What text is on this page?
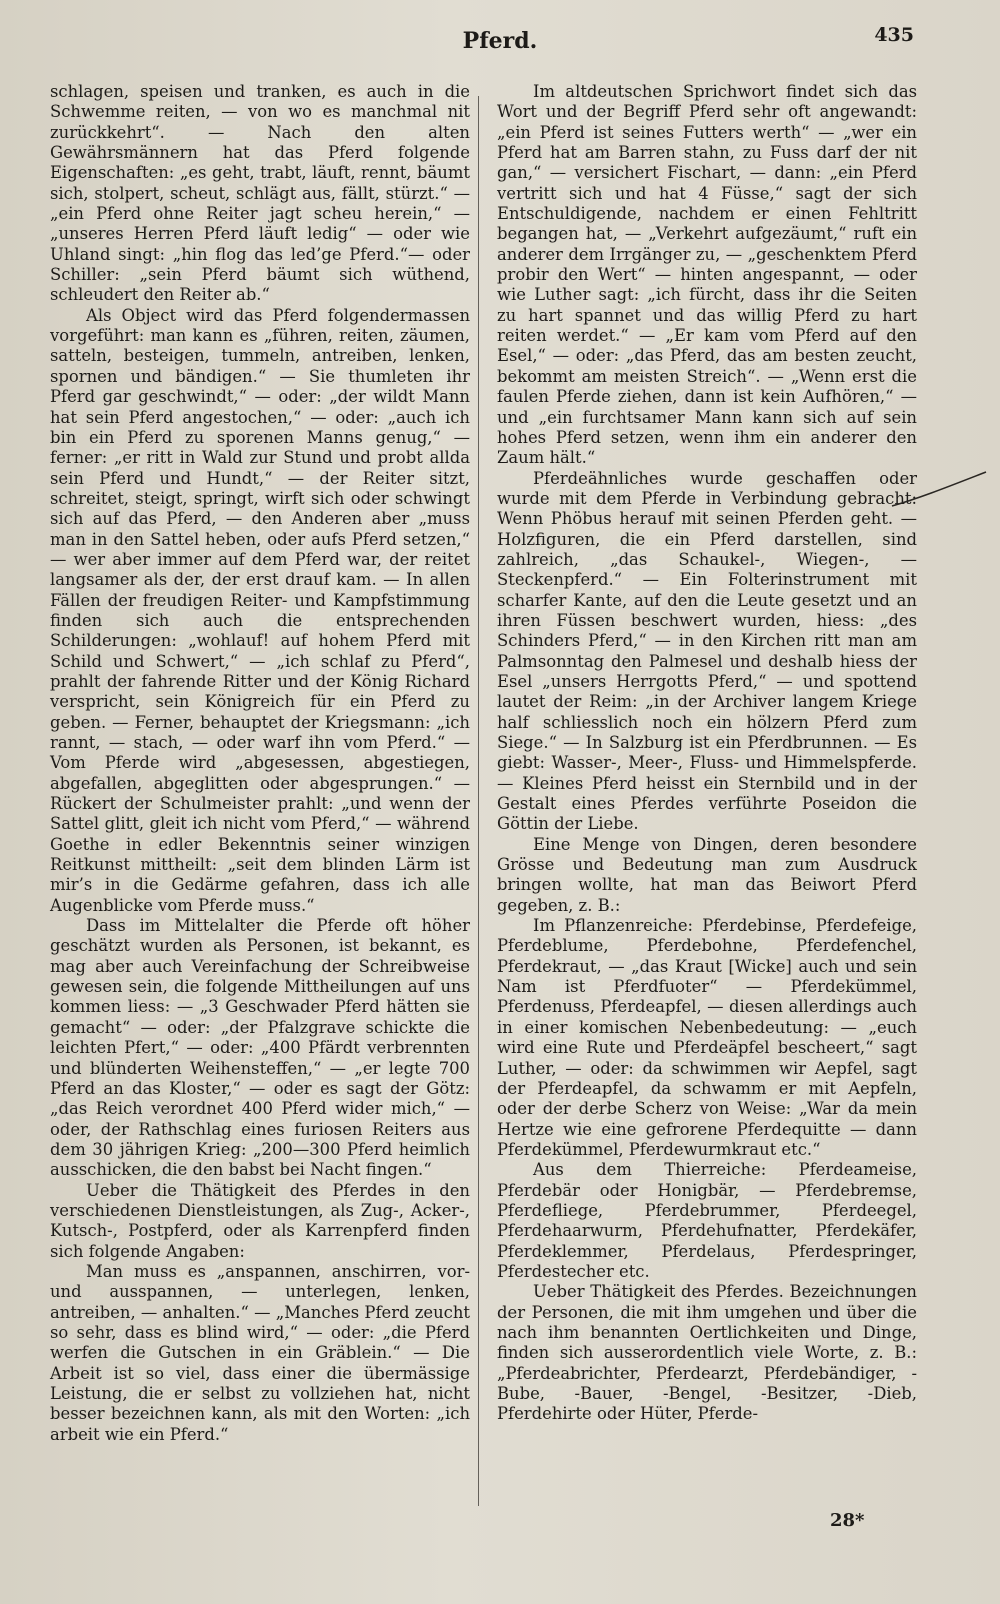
Pferd.	435

schlagen, speisen und tranken, es auch in die Schwemme reiten, — von wo es manchmal nit zurückkehrt“. — Nach den alten Gewährsmännern hat das Pferd folgende Eigenschaften: „es geht, trabt, läuft, rennt, bäumt sich, stolpert, scheut, schlägt aus, fällt, stürzt.“ — „ein Pferd ohne Reiter jagt scheu herein,“ — „unseres Herren Pferd läuft ledig“ — oder wie Uhland singt: „hin flog das led’ge Pferd.“— oder Schiller: „sein Pferd bäumt sich wüthend, schleudert den Reiter ab.“

Als Object wird das Pferd folgendermassen vorgeführt: man kann es „führen, reiten, zäumen, satteln, besteigen, tummeln, antreiben, lenken, spornen und bändigen.“ — Sie thumleten ihr Pferd gar geschwindt,“ — oder: „der wildt Mann hat sein Pferd angestochen,“ — oder: „auch ich bin ein Pferd zu sporenen Manns genug,“ — ferner: „er ritt in Wald zur Stund und probt allda sein Pferd und Hundt,“ — der Reiter sitzt, schreitet, steigt, springt, wirft sich oder schwingt sich auf das Pferd, — den Anderen aber „muss man in den Sattel heben, oder aufs Pferd setzen,“ — wer aber immer auf dem Pferd war, der reitet langsamer als der, der erst drauf kam. — In allen Fällen der freudigen Reiter- und Kampfstimmung finden sich auch die entsprechenden Schilderungen: „wohlauf! auf hohem Pferd mit Schild und Schwert,“ — „ich schlaf zu Pferd“, prahlt der fahrende Ritter und der König Richard verspricht, sein Königreich für ein Pferd zu geben. — Ferner, behauptet der Kriegsmann: „ich rannt, — stach, — oder warf ihn vom Pferd.“ — Vom Pferde wird „abgesessen, abgestiegen, abgefallen, abgeglitten oder abgesprungen.“ — Rückert der Schulmeister prahlt: „und wenn der Sattel glitt, gleit ich nicht vom Pferd,“ — während Goethe in edler Bekenntnis seiner winzigen Reitkunst mittheilt: „seit dem blinden Lärm ist mir’s in die Gedärme gefahren, dass ich alle Augenblicke vom Pferde muss.“

Dass im Mittelalter die Pferde oft höher geschätzt wurden als Personen, ist bekannt, es mag aber auch Vereinfachung der Schreibweise gewesen sein, die folgende Mittheilungen auf uns kommen liess: — „3 Geschwader Pferd hätten sie gemacht“ — oder: „der Pfalzgrave schickte die leichten Pfert,“ — oder: „400 Pfärdt verbrennten und blünderten Weihensteffen,“ — „er legte 700 Pferd an das Kloster,“ — oder es sagt der Götz: „das Reich verordnet 400 Pferd wider mich,“ — oder, der Rathschlag eines furiosen Reiters aus dem 30 jährigen Krieg: „200—300 Pferd heimlich ausschicken, die den babst bei Nacht fingen.“

Ueber die Thätigkeit des Pferdes in den verschiedenen Dienstleistungen, als Zug-, Acker-, Kutsch-, Postpferd, oder als Karrenpferd finden sich folgende Angaben:

Man muss es „anspannen, anschirren, vor- und ausspannen, — unterlegen, lenken, antreiben, — anhalten.“ — „Manches Pferd zeucht so sehr, dass es blind wird,“ — oder: „die Pferd werfen die Gutschen in ein Gräblein.“ — Die Arbeit ist so viel, dass einer die übermässige Leistung, die er selbst zu vollziehen hat, nicht besser bezeichnen kann, als mit den Worten: „ich arbeit wie ein Pferd.“

Im altdeutschen Sprichwort findet sich das Wort und der Begriff Pferd sehr oft angewandt: „ein Pferd ist seines Futters werth“ — „wer ein Pferd hat am Barren stahn, zu Fuss darf der nit gan,“ — versichert Fischart, — dann: „ein Pferd vertritt sich und hat 4 Füsse,“ sagt der sich Entschuldigende, nachdem er einen Fehltritt begangen hat, — „Verkehrt aufgezäumt,“ ruft ein anderer dem Irrgänger zu, — „geschenktem Pferd probir den Wert“ — hinten angespannt, — oder wie Luther sagt: „ich fürcht, dass ihr die Seiten zu hart spannet und das willig Pferd zu hart reiten werdet.“ — „Er kam vom Pferd auf den Esel,“ — oder: „das Pferd, das am besten zeucht, bekommt am meisten Streich“. — „Wenn erst die faulen Pferde ziehen, dann ist kein Aufhören,“ — und „ein furchtsamer Mann kann sich auf sein hohes Pferd setzen, wenn ihm ein anderer den Zaum hält.“

Pferdeähnliches wurde geschaffen oder wurde mit dem Pferde in Verbindung gebracht: Wenn Phöbus herauf mit seinen Pferden geht. — Holzfiguren, die ein Pferd darstellen, sind zahlreich, „das Schaukel-, Wiegen-, — Steckenpferd.“ — Ein Folterinstrument mit scharfer Kante, auf den die Leute gesetzt und an ihren Füssen beschwert wurden, hiess: „des Schinders Pferd,“ — in den Kirchen ritt man am Palmsonntag den Palmesel und deshalb hiess der Esel „unsers Herrgotts Pferd,“ — und spottend lautet der Reim: „in der Archiver langem Kriege half schliesslich noch ein hölzern Pferd zum Siege.“ — In Salzburg ist ein Pferdbrunnen. — Es giebt: Wasser-, Meer-, Fluss- und Himmelspferde. — Kleines Pferd heisst ein Sternbild und in der Gestalt eines Pferdes verführte Poseidon die Göttin der Liebe.

Eine Menge von Dingen, deren besondere Grösse und Bedeutung man zum Ausdruck bringen wollte, hat man das Beiwort Pferd gegeben, z. B.:

Im Pflanzenreiche: Pferdebinse, Pferdefeige, Pferdeblume, Pferdebohne, Pferdefenchel, Pferdekraut, — „das Kraut [Wicke] auch und sein Nam ist Pferdfuoter“ — Pferdekümmel, Pferdenuss, Pferdeapfel, — diesen allerdings auch in einer komischen Nebenbedeutung: — „euch wird eine Rute und Pferdeäpfel bescheert,“ sagt Luther, — oder: da schwimmen wir Aepfel, sagt der Pferdeapfel, da schwamm er mit Aepfeln, oder der derbe Scherz von Weise: „War da mein Hertze wie eine gefrorene Pferdequitte — dann Pferdekümmel, Pferdewurmkraut etc.“

Aus dem Thierreiche: Pferdeameise, Pferdebär oder Honigbär, — Pferdebremse, Pferdefliege, Pferdebrummer, Pferdeegel, Pferdehaarwurm, Pferdehufnatter, Pferdekäfer, Pferdeklemmer, Pferdelaus, Pferdespringer, Pferdestecher etc.

Ueber Thätigkeit des Pferdes. Bezeichnungen der Personen, die mit ihm umgehen und über die nach ihm benannten Oertlichkeiten und Dinge, finden sich ausserordentlich viele Worte, z. B.: „Pferdeabrichter, Pferdearzt, Pferdebändiger, -Bube, -Bauer, -Bengel, -Besitzer, -Dieb, Pferdehirte oder Hüter, Pferde-

28*
